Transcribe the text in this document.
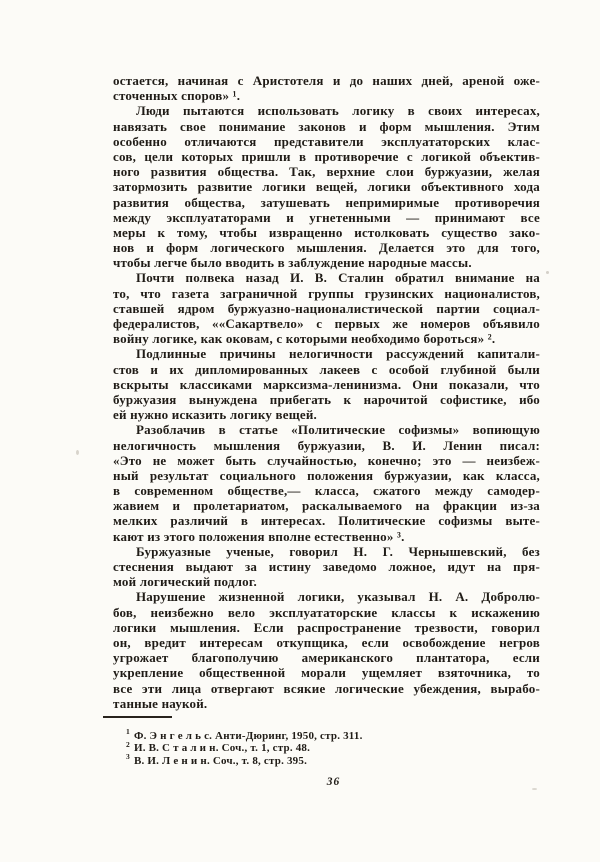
остается, начиная с Аристотеля и до наших дней, ареной оже-
сточенных споров» ¹.
Люди пытаются использовать логику в своих интересах,
навязать свое понимание законов и форм мышления. Этим
особенно отличаются представители эксплуататорских клас-
сов, цели которых пришли в противоречие с логикой объектив-
ного развития общества. Так, верхние слои буржуазии, желая
затормозить развитие логики вещей, логики объективного хода
развития общества, затушевать непримиримые противоречия
между эксплуататорами и угнетенными — принимают все
меры к тому, чтобы извращенно истолковать существо зако-
нов и форм логического мышления. Делается это для того,
чтобы легче было вводить в заблуждение народные массы.
Почти полвека назад И. В. Сталин обратил внимание на
то, что газета заграничной группы грузинских националистов,
ставшей ядром буржуазно-националистической партии социал-
федералистов, ««Сакартвело» с первых же номеров объявило
войну логике, как оковам, с которыми необходимо бороться» ².
Подлинные причины нелогичности рассуждений капитали-
стов и их дипломированных лакеев с особой глубиной были
вскрыты классиками марксизма-ленинизма. Они показали, что
буржуазия вынуждена прибегать к нарочитой софистике, ибо
ей нужно исказить логику вещей.
Разоблачив в статье «Политические софизмы» вопиющую
нелогичность мышления буржуазии, В. И. Ленин писал:
«Это не может быть случайностью, конечно; это — неизбеж-
ный результат социального положения буржуазии, как класса,
в современном обществе,— класса, сжатого между самодер-
жавием и пролетариатом, раскалываемого на фракции из-за
мелких различий в интересах. Политические софизмы выте-
кают из этого положения вполне естественно» ³.
Буржуазные ученые, говорил Н. Г. Чернышевский, без
стеснения выдают за истину заведомо ложное, идут на пря-
мой логический подлог.
Нарушение жизненной логики, указывал Н. А. Добролю-
бов, неизбежно вело эксплуататорские классы к искажению
логики мышления. Если распространение трезвости, говорил
он, вредит интересам откупщика, если освобождение негров
угрожает благополучию американского плантатора, если
укрепление общественной морали ущемляет взяточника, то
все эти лица отвергают всякие логические убеждения, вырабо-
танные наукой.
$^1$ Ф. Э н г е л ь с. Анти-Дюринг, 1950, стр. 311.
$^2$ И. В. С т а л и н. Соч., т. 1, стр. 48.
$^3$ В. И. Л е н и н. Соч., т. 8, стр. 395.
36
